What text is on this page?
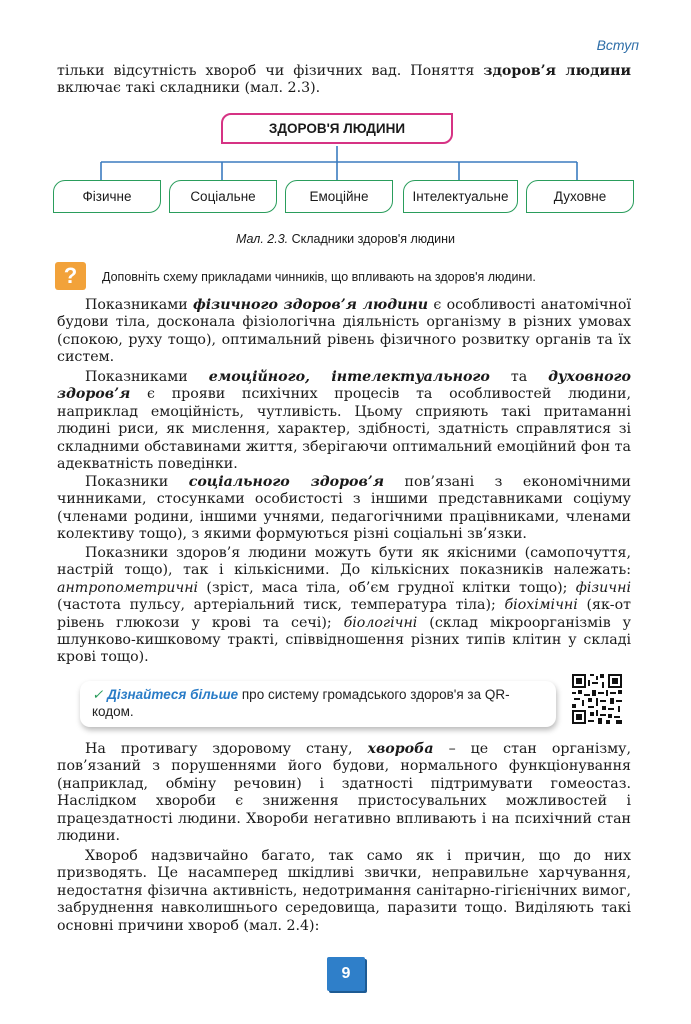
Вступ

тільки відсутність хвороб чи фізичних вад. Поняття здоров’я людини включає такі складники (мал. 2.3).

ЗДОРОВ'Я ЛЮДИНИ
Фізичне	Соціальне	Емоційне	Інтелектуальне	Духовне
Мал. 2.3. Складники здоров'я людини
?	Доповніть схему прикладами чинників, що впливають на здоров'я людини.

Показниками фізичного здоров’я людини є особливості анатомічної будови тіла, досконала фізіологічна діяльність організму в різних умовах (спокою, руху тощо), оптимальний рівень фізичного розвитку органів та їх систем.

Показниками емоційного, інтелектуального та духовного здоров’я є прояви психічних процесів та особливостей людини, наприклад емоційність, чутливість. Цьому сприяють такі притаманні людині риси, як мислення, характер, здібності, здатність справлятися зі складними обставинами життя, зберігаючи оптимальний емоційний фон та адекватність поведінки.

Показники соціального здоров’я пов’язані з економічними чинниками, стосунками особистості з іншими представниками соціуму (членами родини, іншими учнями, педагогічними працівниками, членами колективу тощо), з якими формуються різні соціальні зв’язки.

Показники здоров’я людини можуть бути як якісними (самопочуття, настрій тощо), так і кількісними. До кількісних показників належать: антропометричні (зріст, маса тіла, об’єм грудної клітки тощо); фізичні (частота пульсу, артеріальний тиск, температура тіла); біохімічні (як-от рівень глюкози у крові та сечі); біологічні (склад мікроорганізмів у шлунково-кишковому тракті, співвідношення різних типів клітин у складі крові тощо).

✓ Дізнайтеся більше про систему громадського здоров'я за QR-кодом.

На противагу здоровому стану, хвороба – це стан організму, пов’язаний з порушеннями його будови, нормального функціонування (наприклад, обміну речовин) і здатності підтримувати гомеостаз. Наслідком хвороби є зниження пристосувальних можливостей і працездатності людини. Хвороби негативно впливають і на психічний стан людини.

Хвороб надзвичайно багато, так само як і причин, що до них призводять. Це насамперед шкідливі звички, неправильне харчування, недостатня фізична активність, недотримання санітарно-гігієнічних вимог, забруднення навколишнього середовища, паразити тощо. Виділяють такі основні причини хвороб (мал. 2.4):

9
